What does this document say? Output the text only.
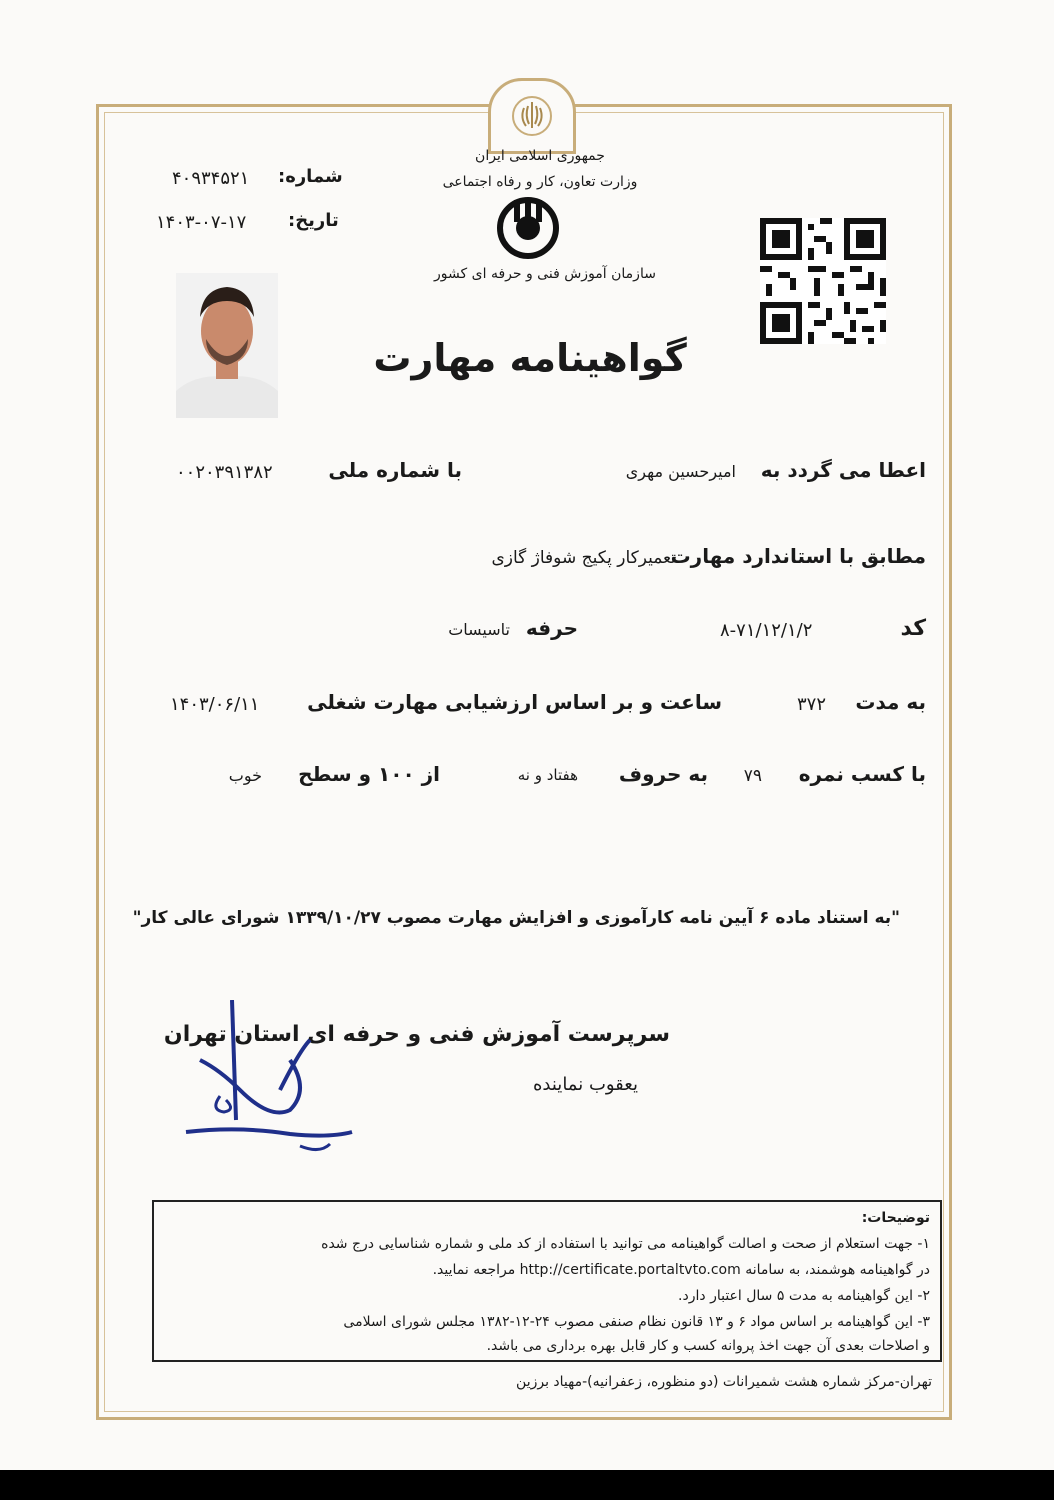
جمهوری اسلامی ایران
وزارت تعاون، کار و رفاه اجتماعی
سازمان آموزش فنی و حرفه ای کشور
شماره:
۴۰۹۳۴۵۲۱
تاریخ:
۱۴۰۳-۰۷-۱۷
گواهینامه مهارت
اعطا می گردد به
امیرحسین مهری
با شماره ملی
۰۰۲۰۳۹۱۳۸۲
مطابق با استاندارد مهارت
تعمیرکار پکیج شوفاژ گازی
کد
۸-۷۱/۱۲/۱/۲
حرفه
تاسیسات
به مدت
۳۷۲
ساعت و بر اساس ارزشیابی مهارت شغلی
۱۴۰۳/۰۶/۱۱
با کسب نمره
۷۹
به حروف
هفتاد و نه
از ۱۰۰ و سطح
خوب
"به استناد ماده ۶ آیین نامه کارآموزی و افزایش مهارت مصوب ۱۳۳۹/۱۰/۲۷ شورای عالی کار"
سرپرست آموزش فنی و حرفه ای استان تهران
یعقوب نماینده
توضیحات:
۱- جهت استعلام از صحت و اصالت گواهینامه می توانید با استفاده از کد ملی و شماره شناسایی درج شده
در گواهینامه هوشمند، به سامانه http://certificate.portaltvto.com مراجعه نمایید.
۲- این گواهینامه به مدت ۵ سال اعتبار دارد.
۳- این گواهینامه بر اساس مواد ۶ و ۱۳ قانون نظام صنفی مصوب ۲۴-۱۲-۱۳۸۲ مجلس شورای اسلامی
و اصلاحات بعدی آن جهت اخذ پروانه کسب و کار قابل بهره برداری می باشد.
تهران-مرکز شماره هشت شمیرانات (دو منظوره، زعفرانیه)-مهیاد برزین
